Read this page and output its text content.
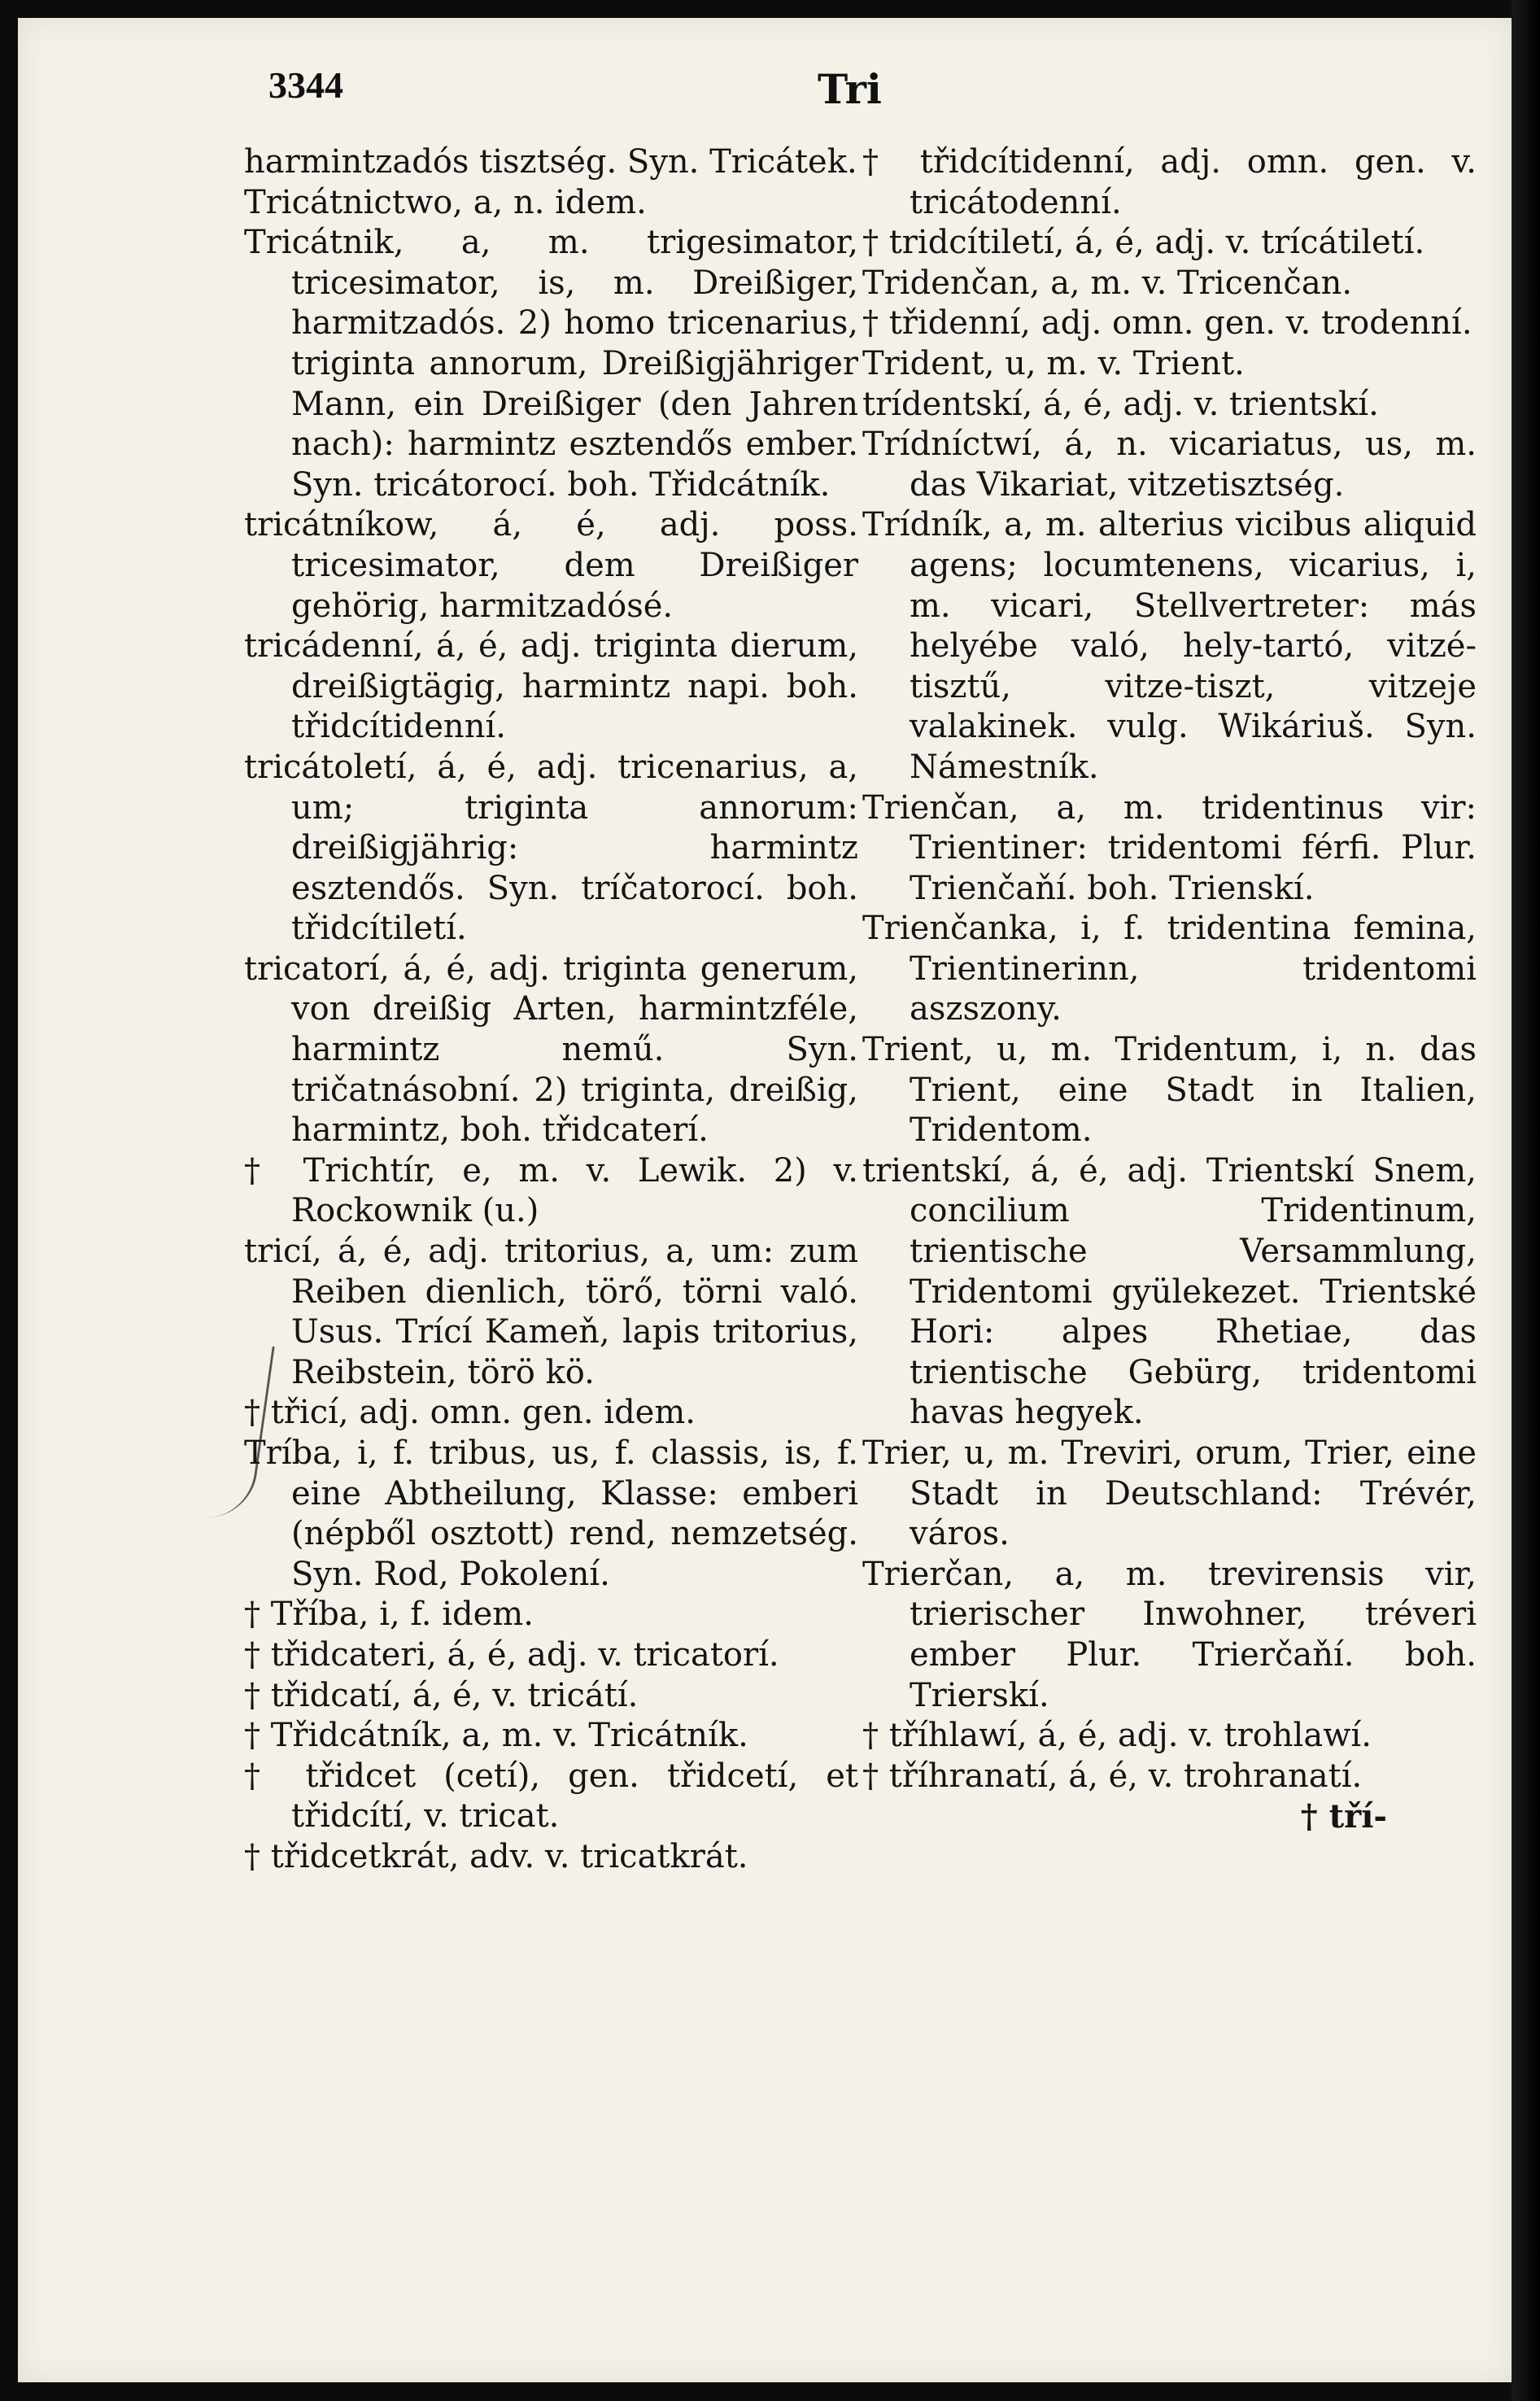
3344	Tri

harmintzadós tisztség. Syn. Tricátek.

Tricátnictwo, a, n. idem.

Tricátnik, a, m. trigesimator, tricesimator, is, m. Dreißiger, harmitzadós. 2) homo tricenarius, triginta annorum, Dreißigjähriger Mann, ein Dreißiger (den Jahren nach): harmintz esztendős ember. Syn. tricátorocí. boh. Třidcátník.

tricátníkow, á, é, adj. poss. tricesimator, dem Dreißiger gehörig, harmitzadósé.

tricádenní, á, é, adj. triginta dierum, dreißigtägig, harmintz napi. boh. třidcítidenní.

tricátoletí, á, é, adj. tricenarius, a, um; triginta annorum: dreißigjährig: harmintz esztendős. Syn. tríčatorocí. boh. třidcítiletí.

tricatorí, á, é, adj. triginta generum, von dreißig Arten, harmintzféle, harmintz nemű. Syn. tričatnásobní. 2) triginta, dreißig, harmintz, boh. třidcaterí.

† Trichtír, e, m. v. Lewik. 2) v. Rockownik (u.)

tricí, á, é, adj. tritorius, a, um: zum Reiben dienlich, törő, törni való. Usus. Trící Kameň, lapis tritorius, Reibstein, törö kö.

† třicí, adj. omn. gen. idem.

Tríba, i, f. tribus, us, f. classis, is, f. eine Abtheilung, Klasse: emberi (népből osztott) rend, nemzetség. Syn. Rod, Pokolení.

† Tříba, i, f. idem.

† třidcateri, á, é, adj. v. tricatorí.

† třidcatí, á, é, v. tricátí.

† Třidcátník, a, m. v. Tricátník.

† třidcet (cetí), gen. třidcetí, et třidcítí, v. tricat.

† třidcetkrát, adv. v. tricatkrát.

† třidcítidenní, adj. omn. gen. v. tricátodenní.

† tridcítiletí, á, é, adj. v. trícátiletí.

Tridenčan, a, m. v. Tricenčan.

† třidenní, adj. omn. gen. v. trodenní.

Trident, u, m. v. Trient.

trídentskí, á, é, adj. v. trientskí.

Trídníctwí, á, n. vicariatus, us, m. das Vikariat, vitzetisztség.

Trídník, a, m. alterius vicibus aliquid agens; locumtenens, vicarius, i, m. vicari, Stellvertreter: más helyébe való, hely-tartó, vitzé-tisztű, vitze-tiszt, vitzeje valakinek. vulg. Wikáriuš. Syn. Námestník.

Trienčan, a, m. tridentinus vir: Trientiner: tridentomi férfi. Plur. Trienčaňí. boh. Trienskí.

Trienčanka, i, f. tridentina femina, Trientinerinn, tridentomi aszszony.

Trient, u, m. Tridentum, i, n. das Trient, eine Stadt in Italien, Tridentom.

trientskí, á, é, adj. Trientskí Snem, concilium Tridentinum, trientische Versammlung, Tridentomi gyülekezet. Trientské Hori: alpes Rhetiae, das trientische Gebürg, tridentomi havas hegyek.

Trier, u, m. Treviri, orum, Trier, eine Stadt in Deutschland: Trévér, város.

Trierčan, a, m. trevirensis vir, trierischer Inwohner, tréveri ember Plur. Trierčaňí. boh. Trierskí.

† tříhlawí, á, é, adj. v. trohlawí.

† tříhranatí, á, é, v. trohranatí.

† tří-
